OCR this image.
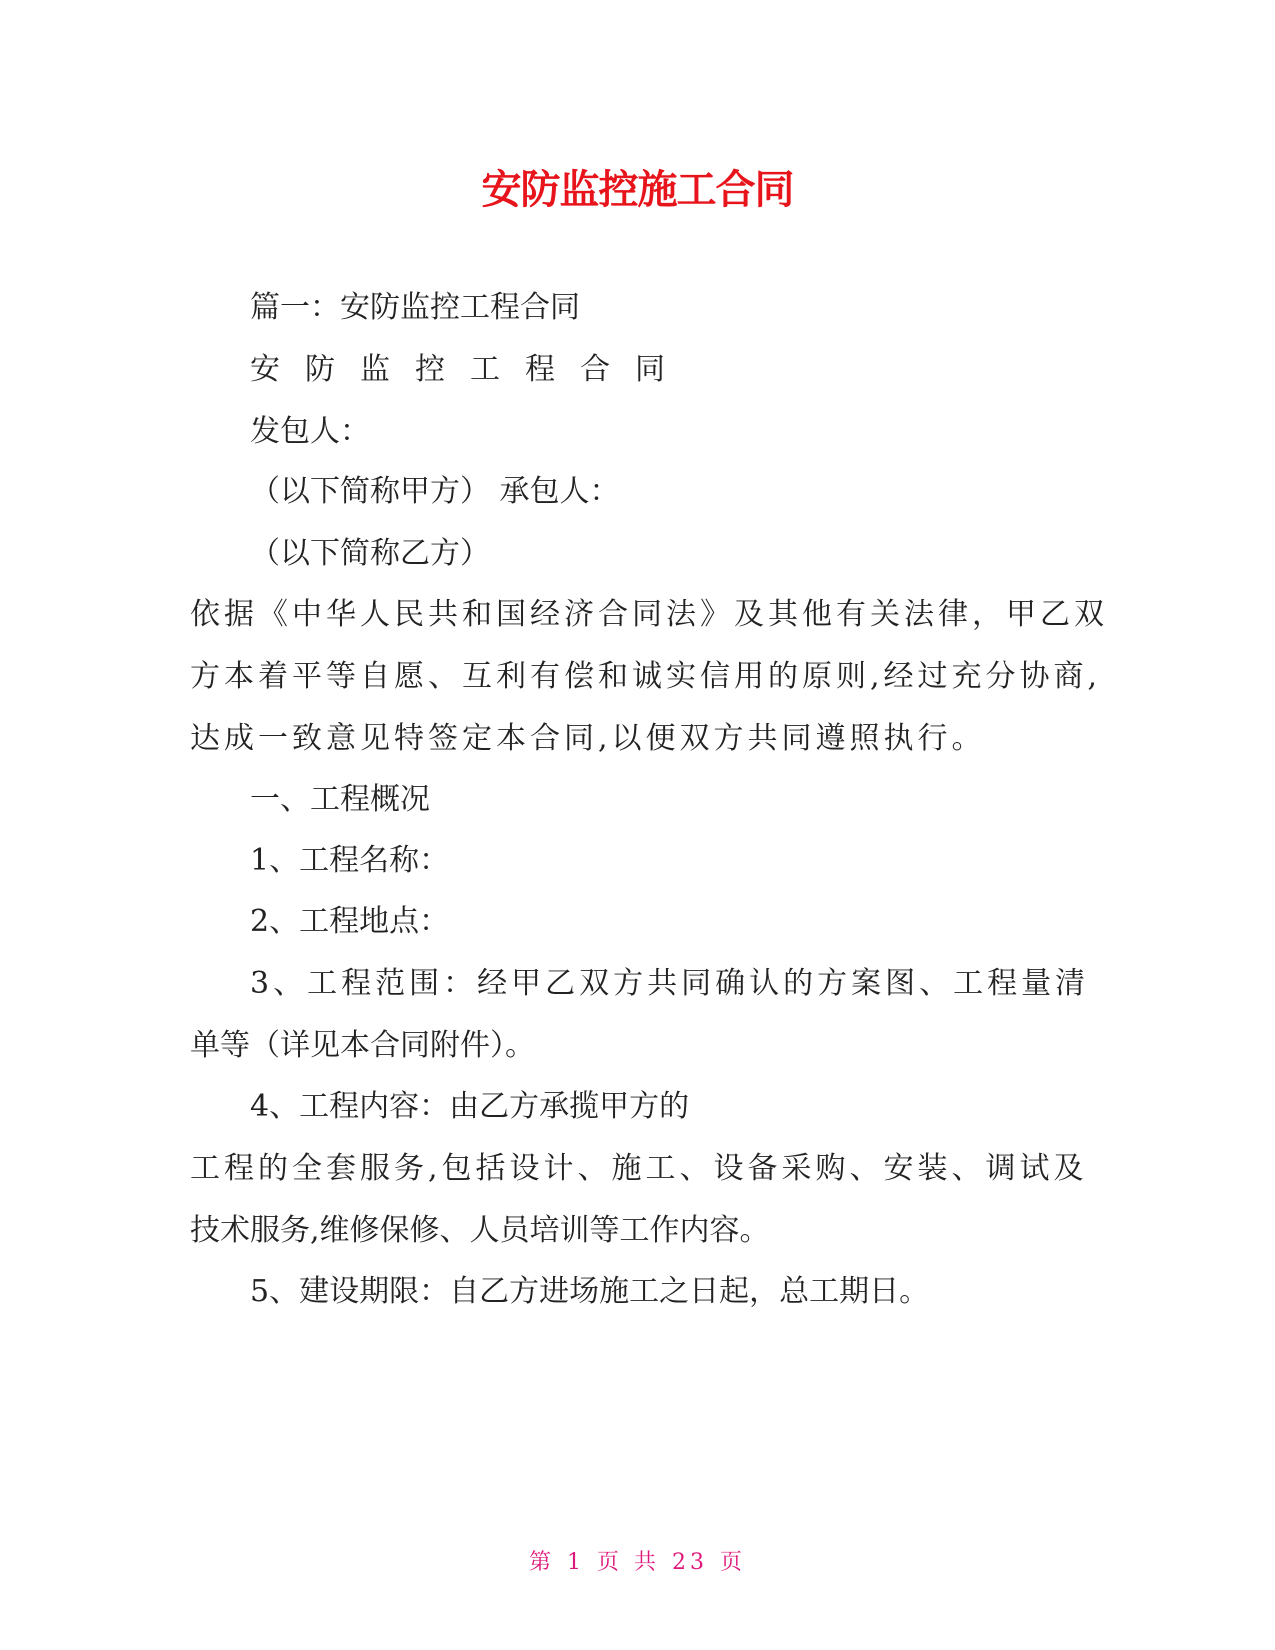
安防监控施工合同
篇一：安防监控工程合同
安防监控工程合同
发包人：
（以下简称甲方） 承包人：
（以下简称乙方）
依据《中华人民共和国经济合同法》及其他有关法律，甲乙双
方本着平等自愿、互利有偿和诚实信用的原则,经过充分协商,
达成一致意见特签定本合同,以便双方共同遵照执行。
一、工程概况
1、工程名称：
2、工程地点：
3、工程范围：经甲乙双方共同确认的方案图、工程量清
单等（详见本合同附件）。
4、工程内容：由乙方承揽甲方的
工程的全套服务,包括设计、施工、设备采购、安装、调试及
技术服务,维修保修、人员培训等工作内容。
5、建设期限：自乙方进场施工之日起，总工期日。
第 1 页 共 23 页
